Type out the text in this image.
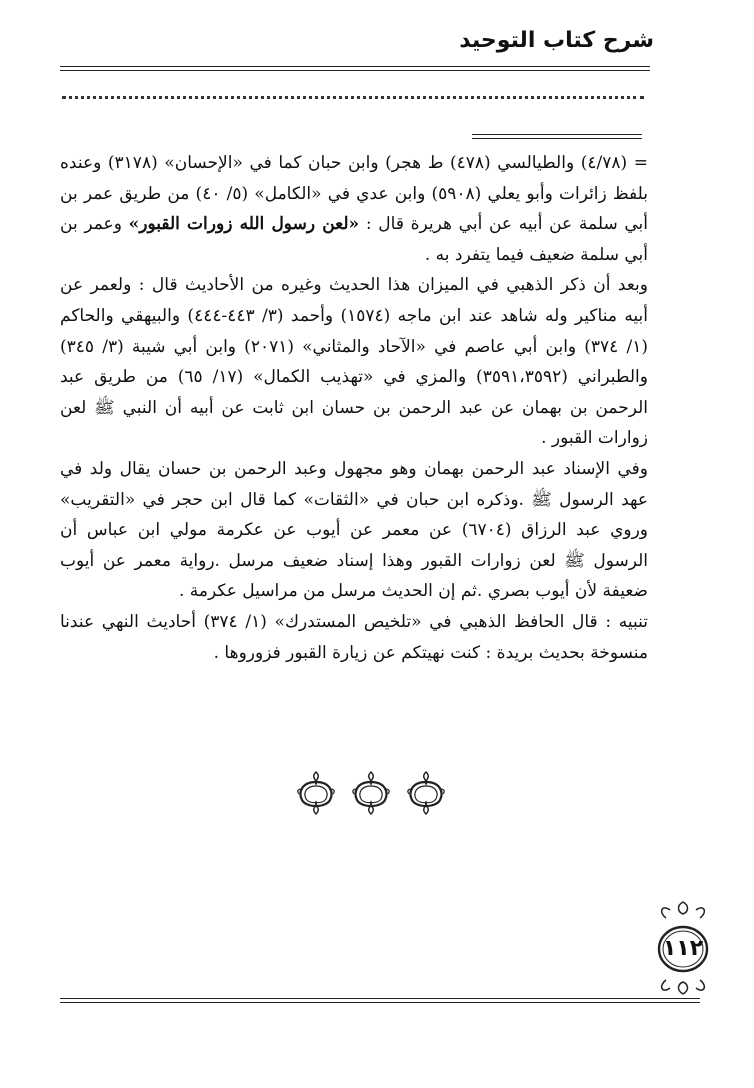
شرح كتاب التوحيد

= (٤/٧٨) والطيالسي (٤٧٨) ط هجر) وابن حبان كما في «الإحسان» (٣١٧٨) وعنده بلفظ زائرات وأبو يعلي (٥٩٠٨) وابن عدي في «الكامل» (٥/ ٤٠) من طريق عمر بن أبي سلمة عن أبيه عن أبي هريرة قال : «لعن رسول الله زورات القبور» وعمر بن أبي سلمة ضعيف فيما يتفرد به .

وبعد أن ذكر الذهبي في الميزان هذا الحديث وغيره من الأحاديث قال : ولعمر عن أبيه مناكير وله شاهد عند ابن ماجه (١٥٧٤) وأحمد (٣/ ٤٤٣-٤٤٤) والبيهقي والحاكم (١/ ٣٧٤) وابن أبي عاصم في «الآحاد والمثاني» (٢٠٧١) وابن أبي شيبة (٣/ ٣٤٥) والطبراني (٣٥٩١،٣٥٩٢) والمزي في «تهذيب الكمال» (١٧/ ٦٥) من طريق عبد الرحمن بن بهمان عن عبد الرحمن بن حسان ابن ثابت عن أبيه أن النبي ﷺ لعن زوارات القبور .

وفي الإسناد عبد الرحمن بهمان وهو مجهول وعبد الرحمن بن حسان يقال ولد في عهد الرسول ﷺ .وذكره ابن حبان في «الثقات» كما قال ابن حجر في «التقريب» وروي عبد الرزاق (٦٧٠٤) عن معمر عن أيوب عن عكرمة مولي ابن عباس أن الرسول ﷺ لعن زوارات القبور وهذا إسناد ضعيف مرسل .رواية معمر عن أيوب ضعيفة لأن أيوب بصري .ثم إن الحديث مرسل من مراسيل عكرمة .

تنبيه : قال الحافظ الذهبي في «تلخيص المستدرك» (١/ ٣٧٤) أحاديث النهي عندنا منسوخة بحديث بريدة : كنت نهيتكم عن زيارة القبور فزوروها .

١١٢
